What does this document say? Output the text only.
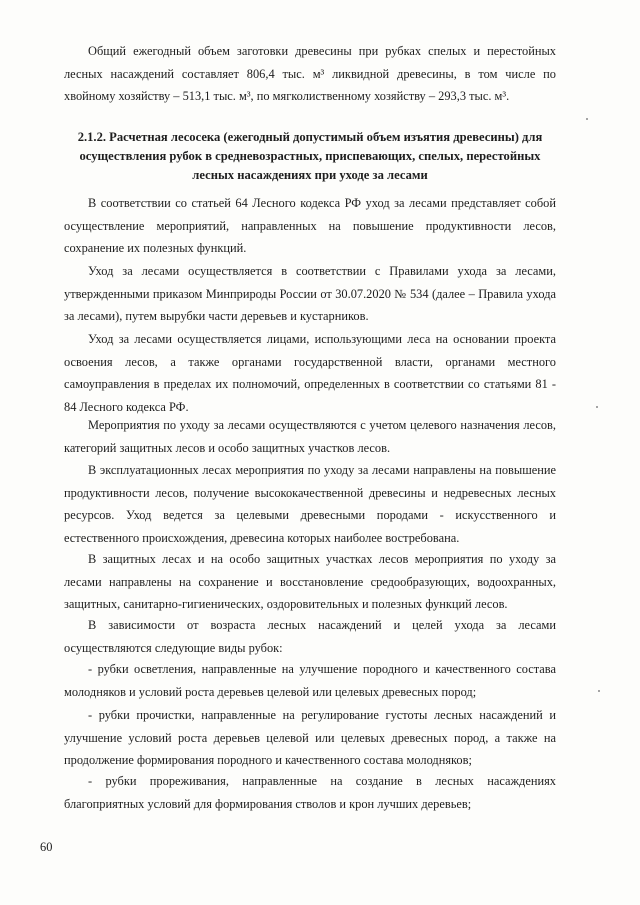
Общий ежегодный объем заготовки древесины при рубках спелых и перестойных лесных насаждений составляет 806,4 тыс. м³ ликвидной древесины, в том числе по хвойному хозяйству – 513,1 тыс. м³, по мягколиственному хозяйству – 293,3 тыс. м³.

2.1.2. Расчетная лесосека (ежегодный допустимый объем изъятия древесины) для осуществления рубок в средневозрастных, приспевающих, спелых, перестойных лесных насаждениях при уходе за лесами

В соответствии со статьей 64 Лесного кодекса РФ уход за лесами представляет собой осуществление мероприятий, направленных на повышение продуктивности лесов, сохранение их полезных функций.

Уход за лесами осуществляется в соответствии с Правилами ухода за лесами, утвержденными приказом Минприроды России от 30.07.2020 № 534 (далее – Правила ухода за лесами), путем вырубки части деревьев и кустарников.

Уход за лесами осуществляется лицами, использующими леса на основании проекта освоения лесов, а также органами государственной власти, органами местного самоуправления в пределах их полномочий, определенных в соответствии со статьями 81 - 84 Лесного кодекса РФ.

Мероприятия по уходу за лесами осуществляются с учетом целевого назначения лесов, категорий защитных лесов и особо защитных участков лесов.

В эксплуатационных лесах мероприятия по уходу за лесами направлены на повышение продуктивности лесов, получение высококачественной древесины и недревесных лесных ресурсов. Уход ведется за целевыми древесными породами - искусственного и естественного происхождения, древесина которых наиболее востребована.

В защитных лесах и на особо защитных участках лесов мероприятия по уходу за лесами направлены на сохранение и восстановление средообразующих, водоохранных, защитных, санитарно-гигиенических, оздоровительных и полезных функций лесов.

В зависимости от возраста лесных насаждений и целей ухода за лесами осуществляются следующие виды рубок:

- рубки осветления, направленные на улучшение породного и качественного состава молодняков и условий роста деревьев целевой или целевых древесных пород;

- рубки прочистки, направленные на регулирование густоты лесных насаждений и улучшение условий роста деревьев целевой или целевых древесных пород, а также на продолжение формирования породного и качественного состава молодняков;

- рубки прореживания, направленные на создание в лесных насаждениях благоприятных условий для формирования стволов и крон лучших деревьев;

60
